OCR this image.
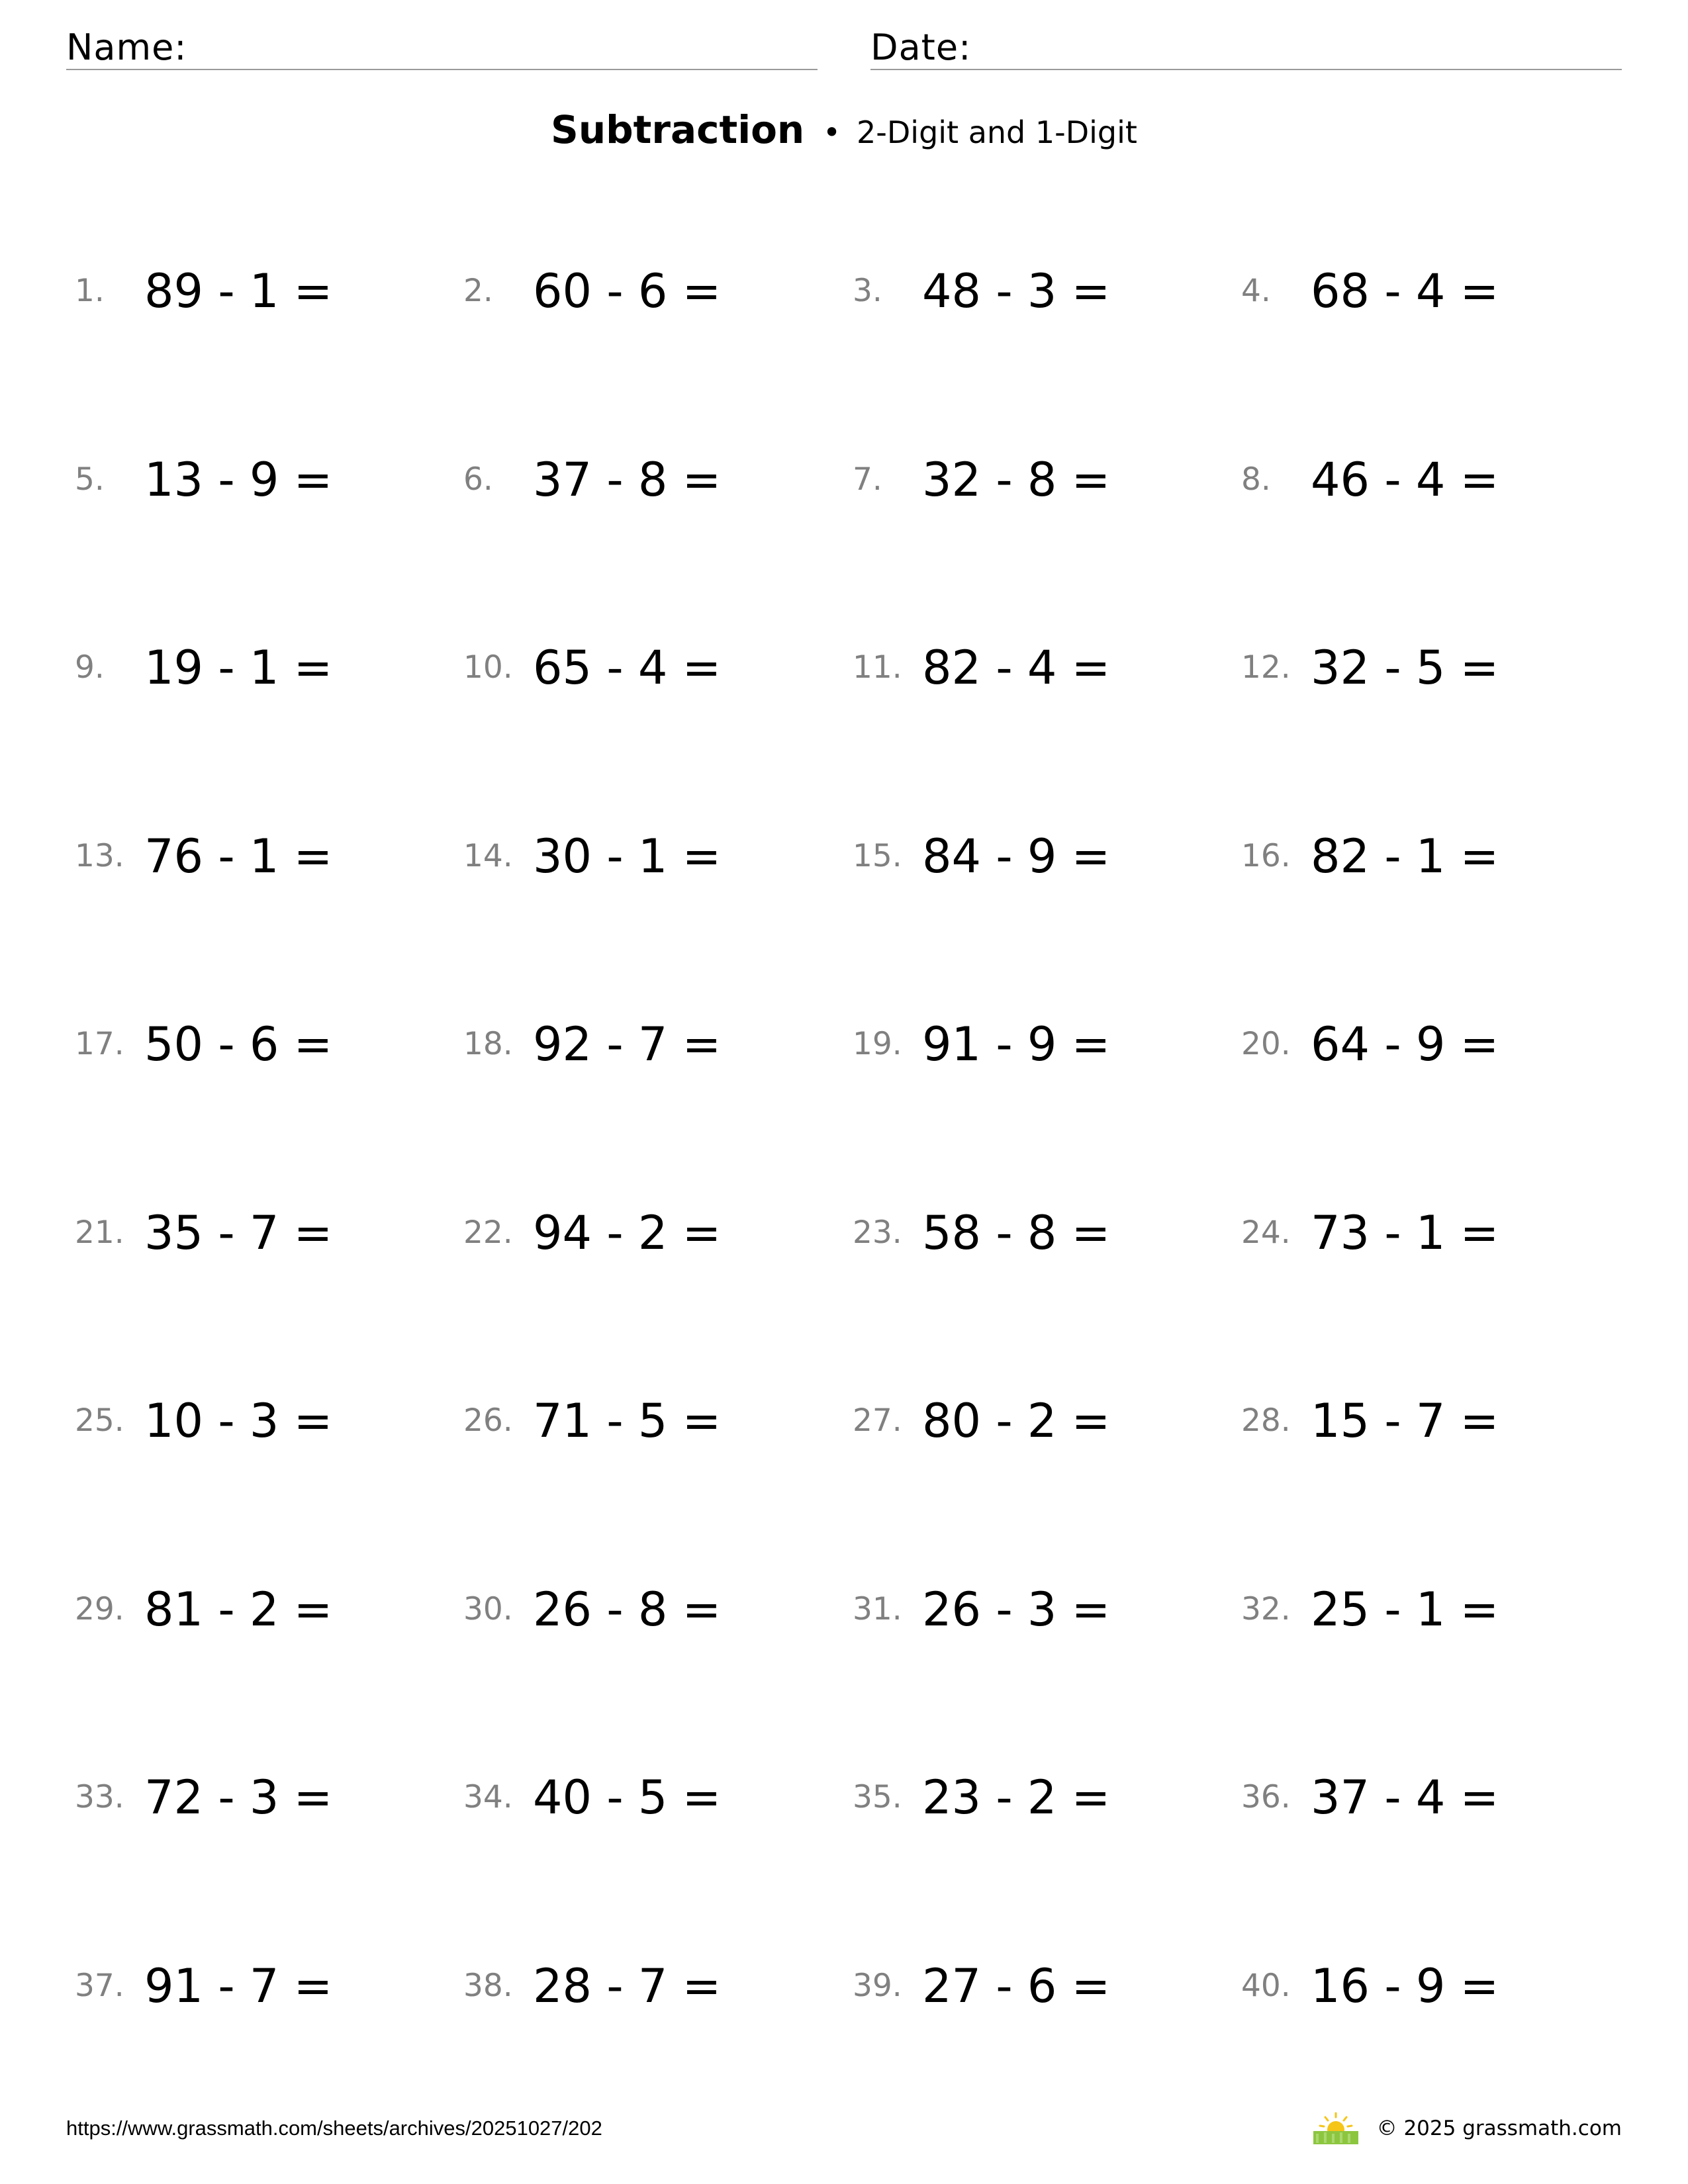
Name:	Date:
Subtraction • 2-Digit and 1-Digit
1. 89 - 1 =	2. 60 - 6 =	3. 48 - 3 =	4. 68 - 4 =
5. 13 - 9 =	6. 37 - 8 =	7. 32 - 8 =	8. 46 - 4 =
9. 19 - 1 =	10. 65 - 4 =	11. 82 - 4 =	12. 32 - 5 =
13. 76 - 1 =	14. 30 - 1 =	15. 84 - 9 =	16. 82 - 1 =
17. 50 - 6 =	18. 92 - 7 =	19. 91 - 9 =	20. 64 - 9 =
21. 35 - 7 =	22. 94 - 2 =	23. 58 - 8 =	24. 73 - 1 =
25. 10 - 3 =	26. 71 - 5 =	27. 80 - 2 =	28. 15 - 7 =
29. 81 - 2 =	30. 26 - 8 =	31. 26 - 3 =	32. 25 - 1 =
33. 72 - 3 =	34. 40 - 5 =	35. 23 - 2 =	36. 37 - 4 =
37. 91 - 7 =	38. 28 - 7 =	39. 27 - 6 =	40. 16 - 9 =
https://www.grassmath.com/sheets/archives/20251027/202	© 2025 grassmath.com
